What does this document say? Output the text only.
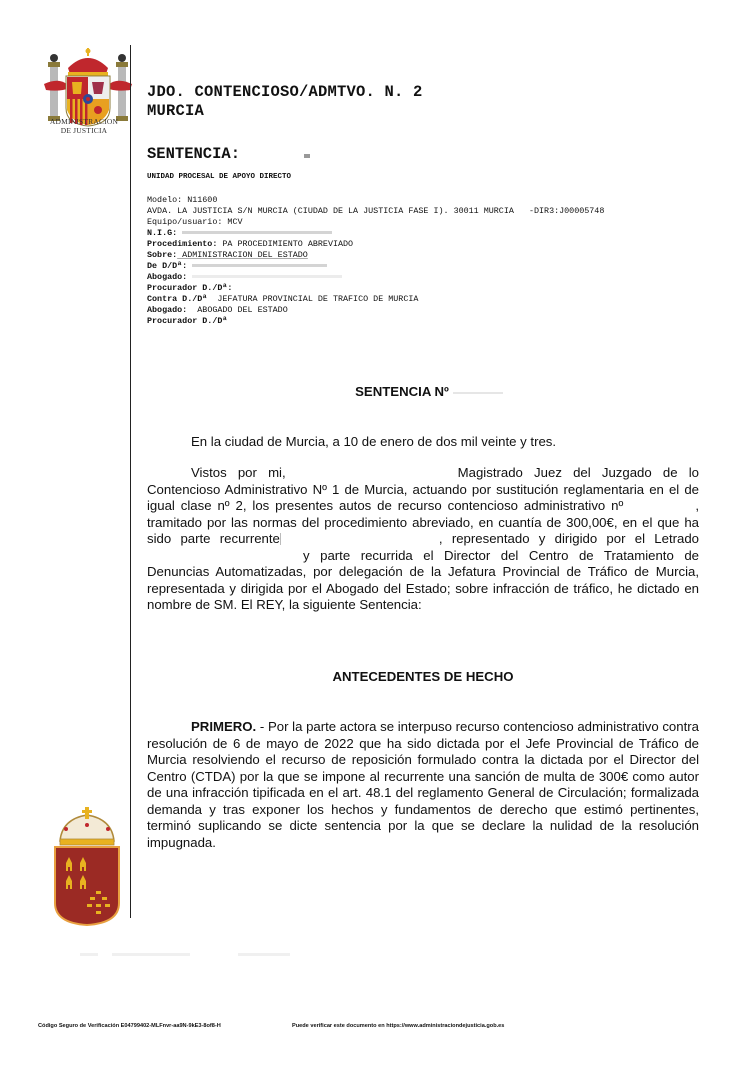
ADMINISTRACION
DE JUSTICIA
JDO. CONTENCIOSO/ADMTVO. N. 2
MURCIA
SENTENCIA:
UNIDAD PROCESAL DE APOYO DIRECTO
Modelo: N11600
AVDA. LA JUSTICIA S/N MURCIA (CIUDAD DE LA JUSTICIA FASE I). 30011 MURCIA   -DIR3:J00005748
Equipo/usuario: MCV
N.I.G:
Procedimiento: PA PROCEDIMIENTO ABREVIADO
Sobre: ADMINISTRACION DEL ESTADO
De D/Dª:
Abogado:
Procurador D./Dª:
Contra D./Dª  JEFATURA PROVINCIAL DE TRAFICO DE MURCIA
Abogado:  ABOGADO DEL ESTADO
Procurador D./Dª
SENTENCIA Nº
En la ciudad de Murcia, a 10 de enero de dos mil veinte y tres.
Vistos por mi,	Magistrado Juez del Juzgado de lo Contencioso Administrativo Nº 1 de Murcia, actuando por sustitución reglamentaria en el de igual clase nº 2, los presentes autos de recurso contencioso administrativo nº	, tramitado por las normas del procedimiento abreviado, en cuantía de 300,00€, en el que ha sido parte recurrente	, representado y dirigido por el Letradoy parte recurrida el Director del Centro de Tratamiento de Denuncias Automatizadas, por delegación de la Jefatura Provincial de Tráfico de Murcia, representada y dirigida por el Abogado del Estado; sobre infracción de tráfico, he dictado en nombre de SM. El REY, la siguiente Sentencia:
ANTECEDENTES DE HECHO
PRIMERO. - Por la parte actora se interpuso recurso contencioso administrativo contra resolución de 6 de mayo de 2022 que ha sido dictada por el Jefe Provincial de Tráfico de Murcia resolviendo el recurso de reposición formulado contra la dictada por el Director del Centro (CTDA) por la que se impone al recurrente una sanción de multa de 300€ como autor de una infracción tipificada en el art. 48.1 del reglamento General de Circulación; formalizada demanda y tras exponer los hechos y fundamentos de derecho que estimó pertinentes, terminó suplicando se dicte sentencia por la que se declare la nulidad de la resolución impugnada.
Código Seguro de Verificación E04799402-MLFnvr-aa9N-9kE3-8of8-H	Puede verificar este documento en https://www.administraciondejusticia.gob.es
